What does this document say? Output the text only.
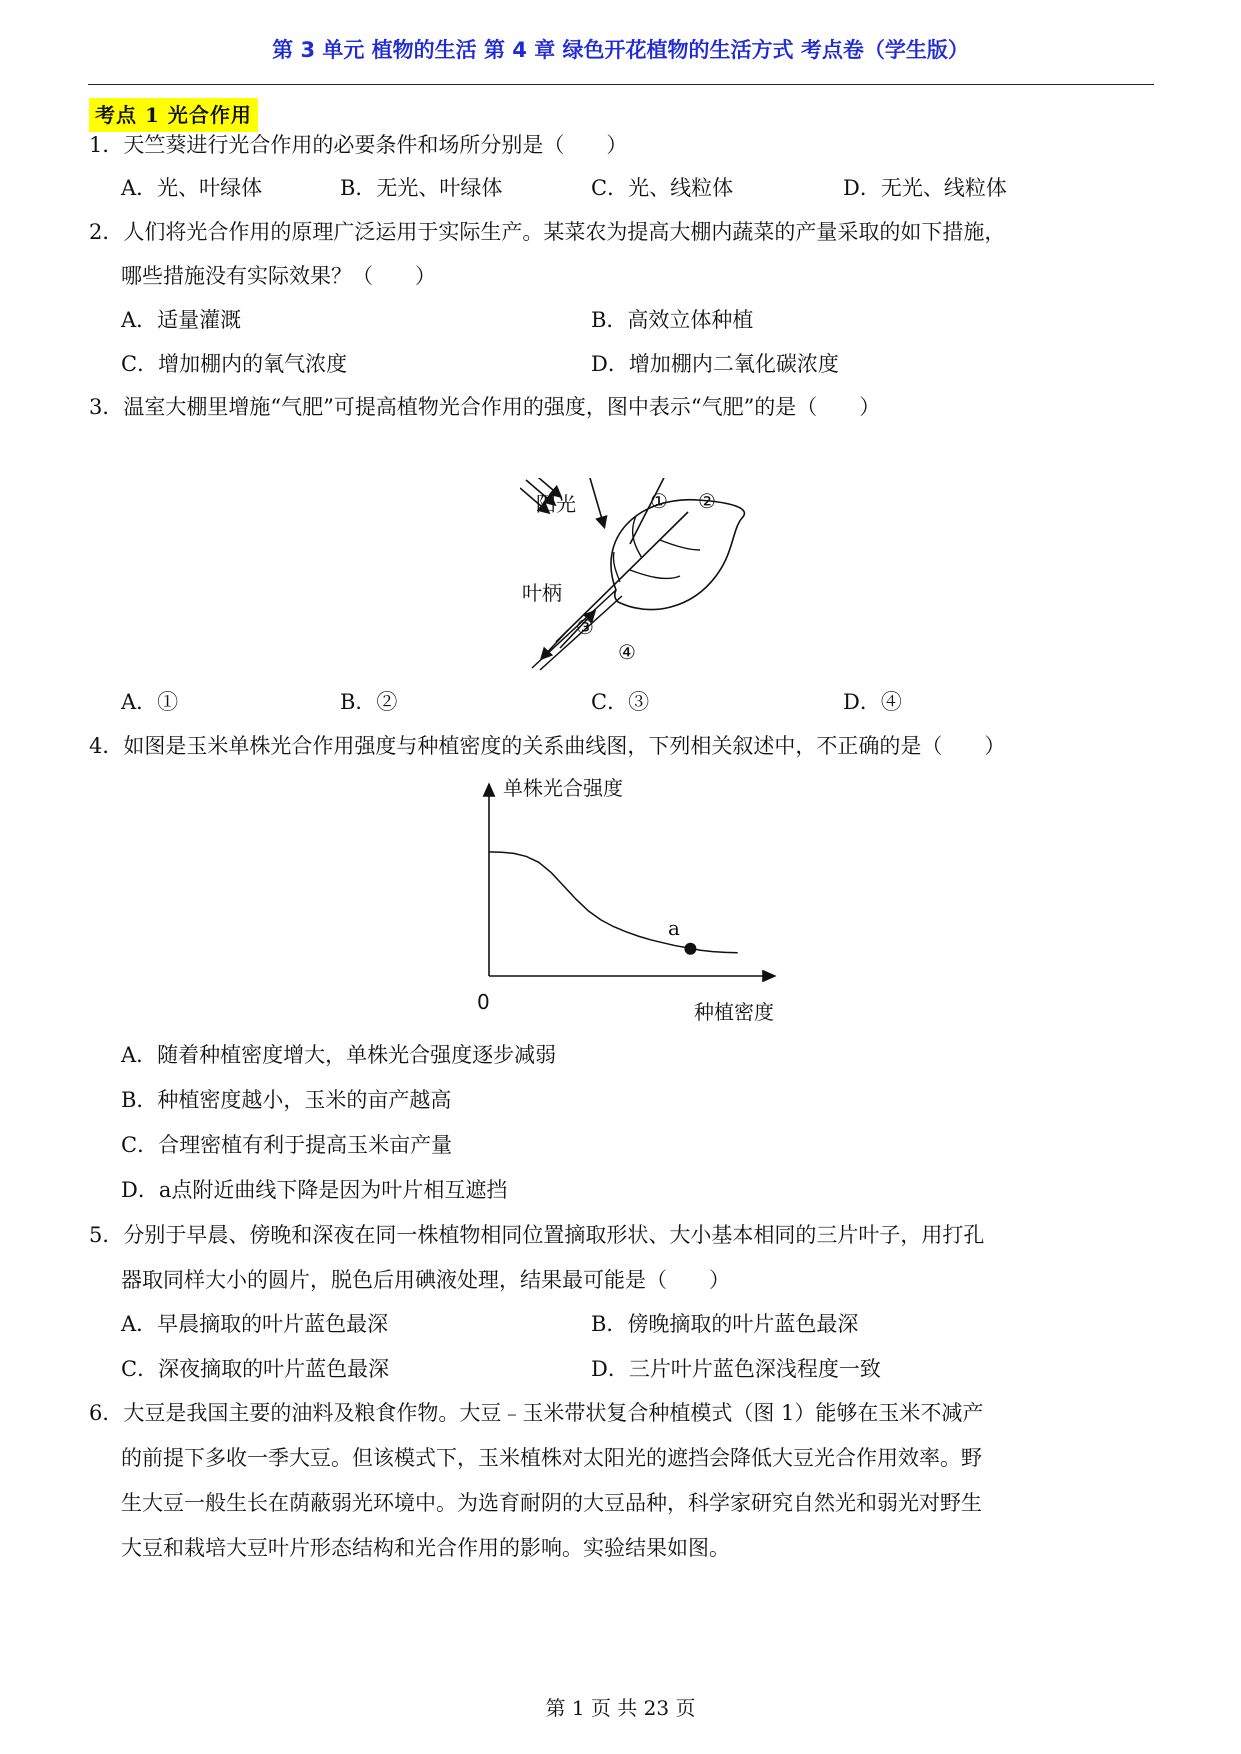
第 3 单元 植物的生活 第 4 章 绿色开花植物的生活方式 考点卷（学生版）
考点 1 光合作用
1．天竺葵进行光合作用的必要条件和场所分别是（　　）
A．光、叶绿体	B．无光、叶绿体	C．光、线粒体	D．无光、线粒体
2．人们将光合作用的原理广泛运用于实际生产。某菜农为提高大棚内蔬菜的产量采取的如下措施，
哪些措施没有实际效果？（　　）
A．适量灌溉	B．高效立体种植
C．增加棚内的氧气浓度	D．增加棚内二氧化碳浓度
3．温室大棚里增施“气肥”可提高植物光合作用的强度，图中表示“气肥”的是（　　）
阳光
叶柄
① ②
③
④
A．①	B．②	C．③	D．④
4．如图是玉米单株光合作用强度与种植密度的关系曲线图，下列相关叙述中，不正确的是（　　）
单株光合强度
种植密度
0
a
A．随着种植密度增大，单株光合强度逐步减弱
B．种植密度越小，玉米的亩产越高
C．合理密植有利于提高玉米亩产量
D．a点附近曲线下降是因为叶片相互遮挡
5．分别于早晨、傍晚和深夜在同一株植物相同位置摘取形状、大小基本相同的三片叶子，用打孔
器取同样大小的圆片，脱色后用碘液处理，结果最可能是（　　）
A．早晨摘取的叶片蓝色最深	B．傍晚摘取的叶片蓝色最深
C．深夜摘取的叶片蓝色最深	D．三片叶片蓝色深浅程度一致
6．大豆是我国主要的油料及粮食作物。大豆﹣玉米带状复合种植模式（图 1）能够在玉米不减产
的前提下多收一季大豆。但该模式下，玉米植株对太阳光的遮挡会降低大豆光合作用效率。野
生大豆一般生长在荫蔽弱光环境中。为选育耐阴的大豆品种，科学家研究自然光和弱光对野生
大豆和栽培大豆叶片形态结构和光合作用的影响。实验结果如图。
第 1 页 共 23 页
